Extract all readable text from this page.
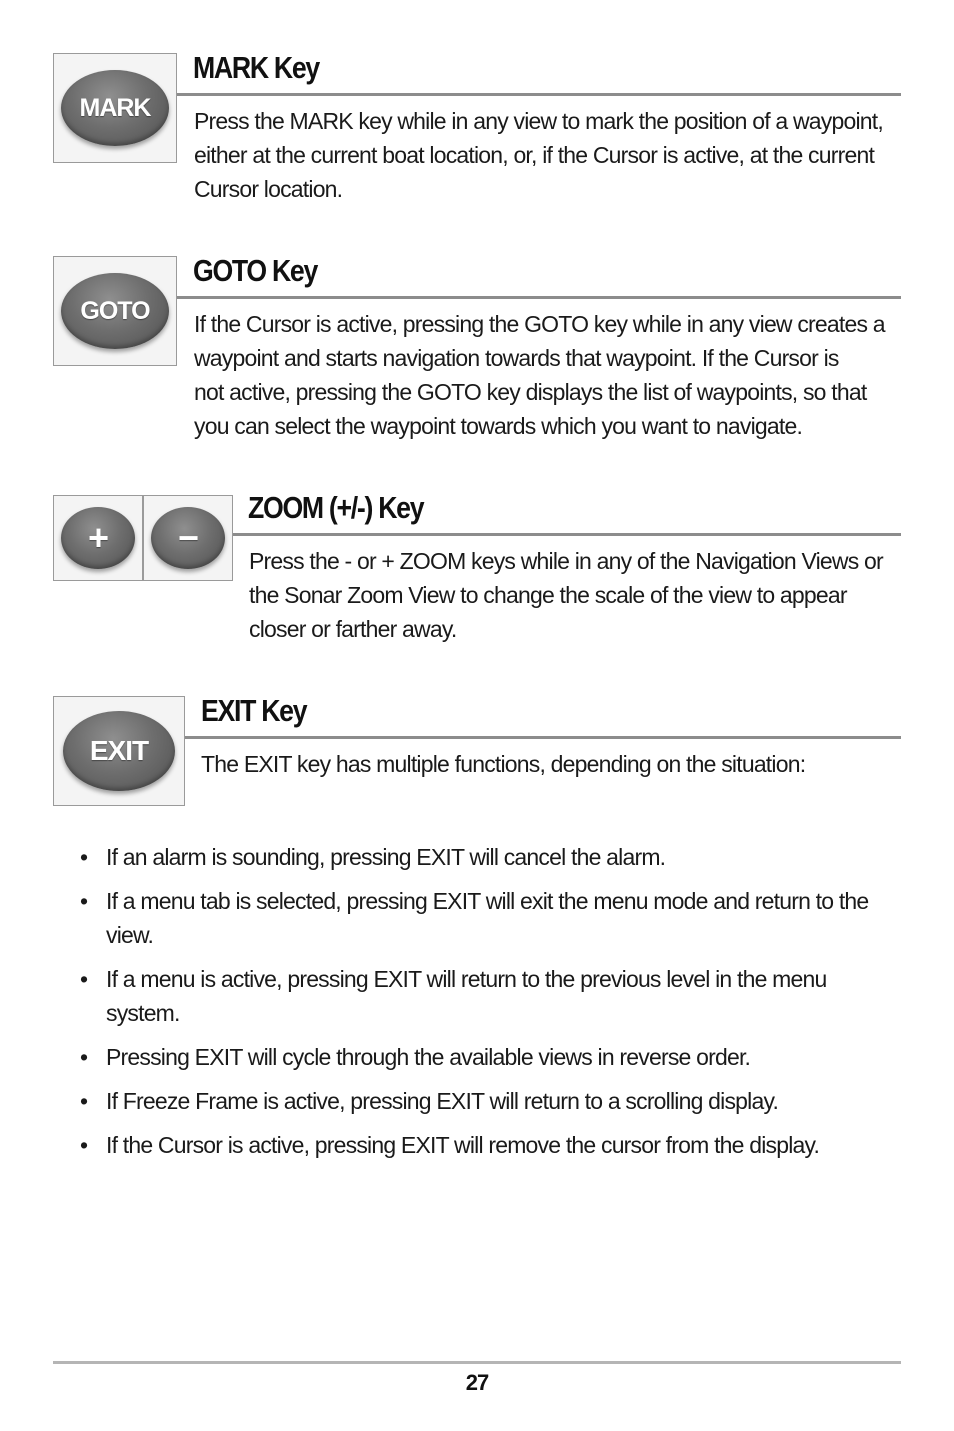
MARK
MARK Key
Press the MARK key while in any view to mark the position of a waypoint,
either at the current boat location, or, if the Cursor is active, at the current
Cursor location.
GOTO
GOTO Key
If the Cursor is active, pressing the GOTO key while in any view creates a
waypoint and starts navigation towards that waypoint. If the Cursor is
not active, pressing the GOTO key displays the list of waypoints, so that
you can select the waypoint towards which you want to navigate.
+ −
ZOOM (+/-) Key
Press the - or + ZOOM keys while in any of the Navigation Views or
the Sonar Zoom View to change the scale of the view to appear
closer or farther away.
EXIT
EXIT Key
The EXIT key has multiple functions, depending on the situation:
• If an alarm is sounding, pressing EXIT will cancel the alarm.
• If a menu tab is selected, pressing EXIT will exit the menu mode and return to the view.
• If a menu is active, pressing EXIT will return to the previous level in the menu system.
• Pressing EXIT will cycle through the available views in reverse order.
• If Freeze Frame is active, pressing EXIT will return to a scrolling display.
• If the Cursor is active, pressing EXIT will remove the cursor from the display.
27
